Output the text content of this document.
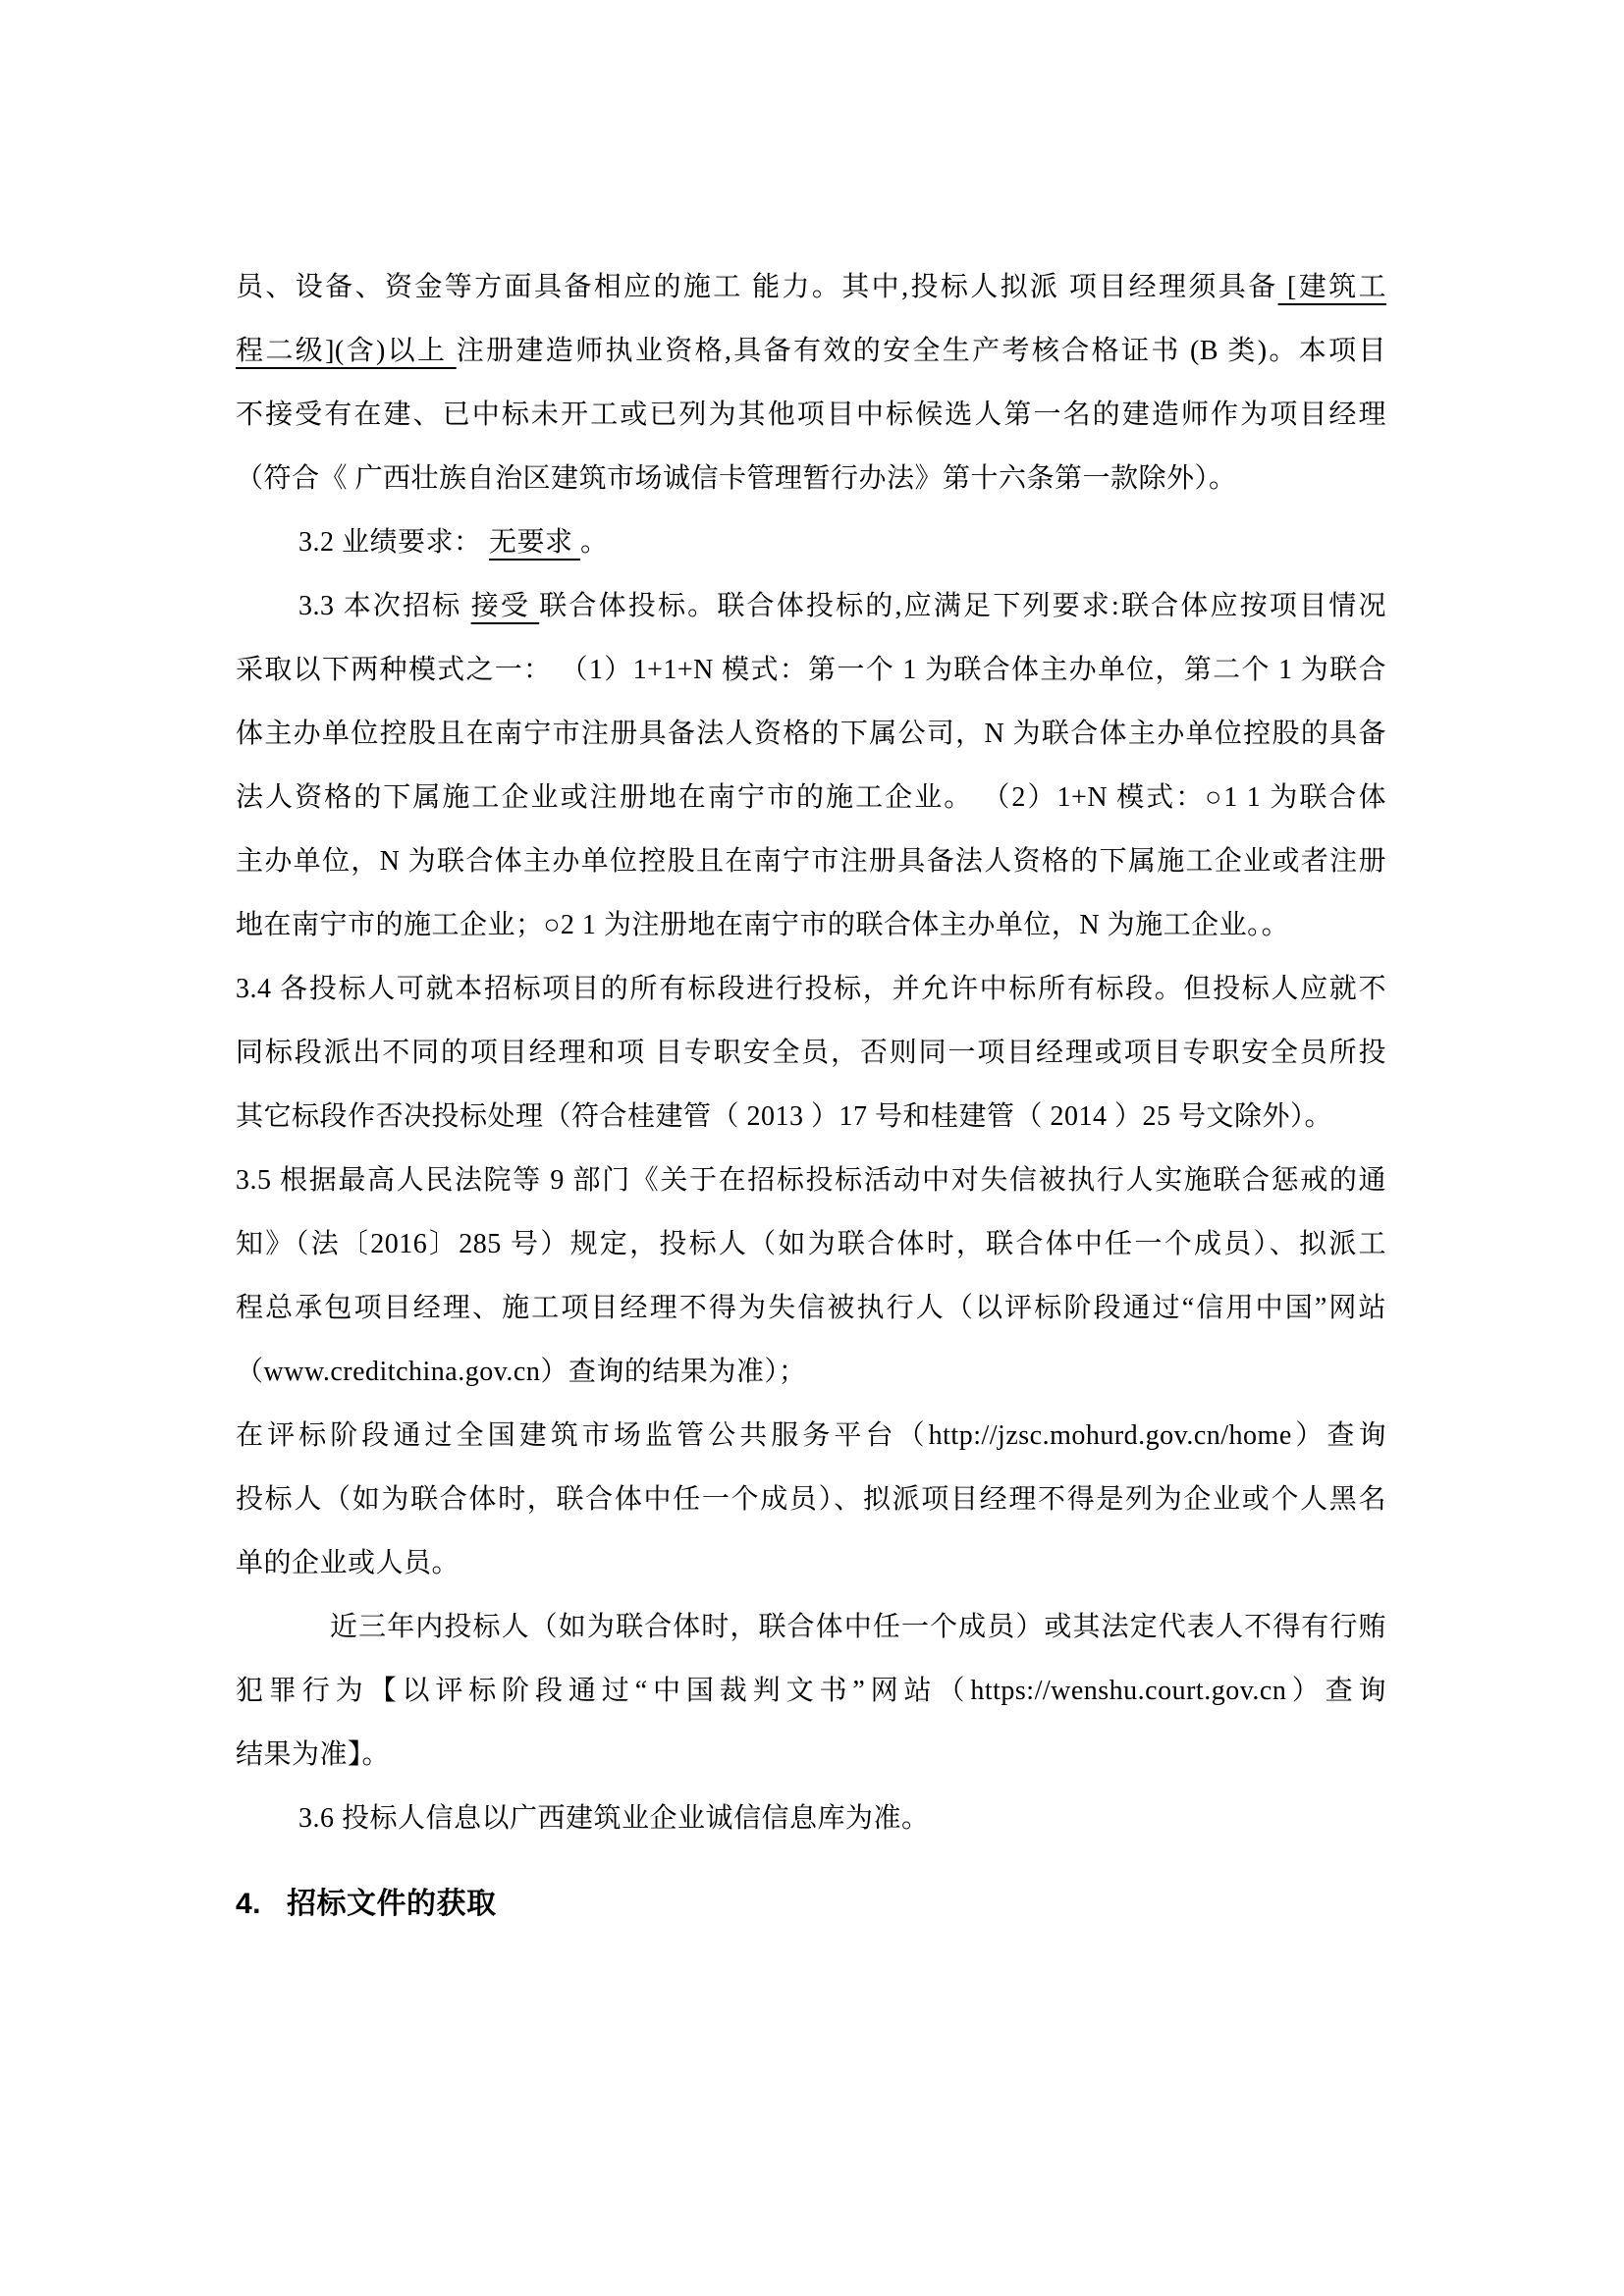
员、设备、资金等方面具备相应的施工 能力。其中,投标人拟派 项目经理须具备 [建筑工
程二级](含)以上 注册建造师执业资格,具备有效的安全生产考核合格证书 (B 类)。本项目
不接受有在建、已中标未开工或已列为其他项目中标候选人第一名的建造师作为项目经理
（符合《 广西壮族自治区建筑市场诚信卡管理暂行办法》第十六条第一款除外）。
3.2 业绩要求： 无要求 。
3.3 本次招标 接受 联合体投标。联合体投标的,应满足下列要求:联合体应按项目情况
采取以下两种模式之一： （1）1+1+N 模式：第一个 1 为联合体主办单位，第二个 1 为联合
体主办单位控股且在南宁市注册具备法人资格的下属公司，N 为联合体主办单位控股的具备
法人资格的下属施工企业或注册地在南宁市的施工企业。 （2）1+N 模式：○1 1 为联合体
主办单位，N 为联合体主办单位控股且在南宁市注册具备法人资格的下属施工企业或者注册
地在南宁市的施工企业；○2 1 为注册地在南宁市的联合体主办单位，N 为施工企业。。
3.4 各投标人可就本招标项目的所有标段进行投标，并允许中标所有标段。但投标人应就不
同标段派出不同的项目经理和项 目专职安全员，否则同一项目经理或项目专职安全员所投
其它标段作否决投标处理（符合桂建管（ 2013 ）17 号和桂建管（ 2014 ）25 号文除外）。
3.5 根据最高人民法院等 9 部门《关于在招标投标活动中对失信被执行人实施联合惩戒的通
知》（法〔2016〕285 号）规定，投标人（如为联合体时，联合体中任一个成员）、拟派工
程总承包项目经理、施工项目经理不得为失信被执行人（以评标阶段通过“信用中国”网站
（www.creditchina.gov.cn）查询的结果为准）；
在评标阶段通过全国建筑市场监管公共服务平台（http://jzsc.mohurd.gov.cn/home）查询
投标人（如为联合体时，联合体中任一个成员）、拟派项目经理不得是列为企业或个人黑名
单的企业或人员。
近三年内投标人（如为联合体时，联合体中任一个成员）或其法定代表人不得有行贿
犯罪行为【以评标阶段通过“中国裁判文书”网站（https://wenshu.court.gov.cn）查询
结果为准】。
3.6 投标人信息以广西建筑业企业诚信信息库为准。
4. 招标文件的获取
